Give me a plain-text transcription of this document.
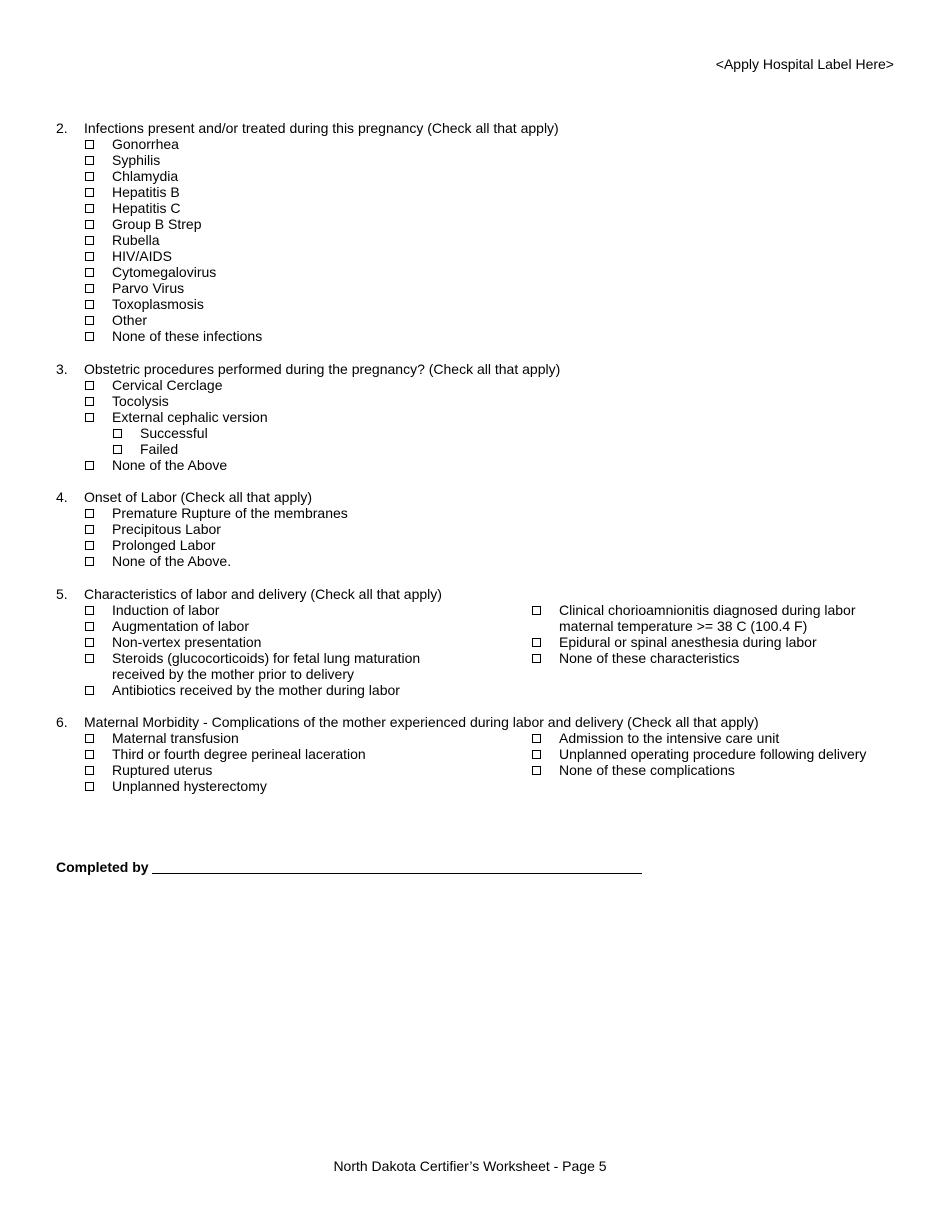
<Apply Hospital Label Here>
2. Infections present and/or treated during this pregnancy (Check all that apply)
Gonorrhea
Syphilis
Chlamydia
Hepatitis B
Hepatitis C
Group B Strep
Rubella
HIV/AIDS
Cytomegalovirus
Parvo Virus
Toxoplasmosis
Other
None of these infections
3. Obstetric procedures performed during the pregnancy? (Check all that apply)
Cervical Cerclage
Tocolysis
External cephalic version
Successful
Failed
None of the Above
4. Onset of Labor (Check all that apply)
Premature Rupture of the membranes
Precipitous Labor
Prolonged Labor
None of the Above.
5. Characteristics of labor and delivery (Check all that apply)
Induction of labor
Augmentation of labor
Non-vertex presentation
Steroids (glucocorticoids) for fetal lung maturation
received by the mother prior to delivery
Antibiotics received by the mother during labor
Clinical chorioamnionitis diagnosed during labor
maternal temperature >= 38 C (100.4 F)
Epidural or spinal anesthesia during labor
None of these characteristics
6. Maternal Morbidity - Complications of the mother experienced during labor and delivery (Check all that apply)
Maternal transfusion
Third or fourth degree perineal laceration
Ruptured uterus
Unplanned hysterectomy
Admission to the intensive care unit
Unplanned operating procedure following delivery
None of these complications
Completed by
North Dakota Certifier’s Worksheet - Page 5
